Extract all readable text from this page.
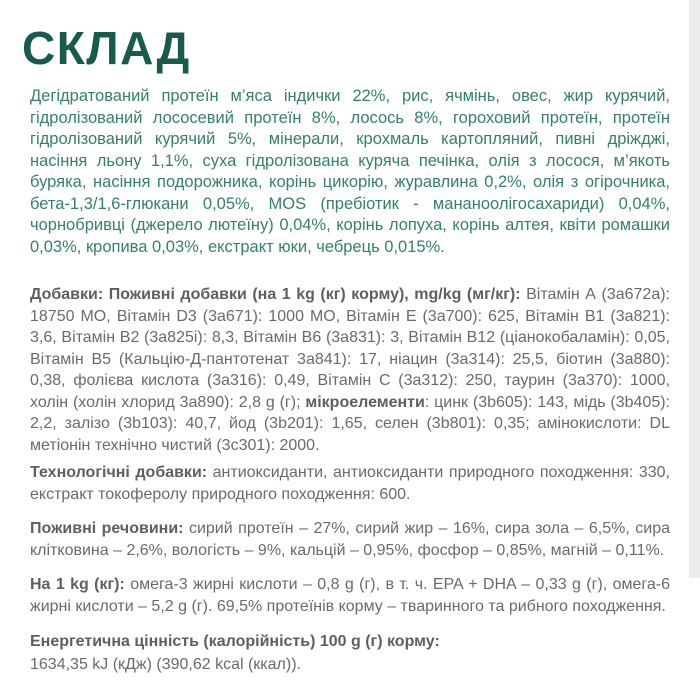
СКЛАД

Дегідратований протеїн м’яса індички 22%, рис, ячмінь, овес, жир курячий, гідролізований лососевий протеїн 8%, лосось 8%, гороховий протеїн, протеїн гідролізований курячий 5%, мінерали, крохмаль картопляний, пивні дріжджі, насіння льону 1,1%, суха гідролізована куряча печінка, олія з лосося, м’якоть буряка, насіння подорожника, корінь цикорію, журавлина 0,2%, олія з огірочника, бета-1,3/1,6-глюкани 0,05%, MOS (пребіотик - мананоолігосахариди) 0,04%, чорнобривці (джерело лютеїну) 0,04%, корінь лопуха, корінь алтея, квіти ромашки 0,03%, кропива 0,03%, екстракт юки, чебрець 0,015%.

Добавки: Поживні добавки (на 1 kg (кг) корму), mg/kg (мг/кг): Вітамін А (3a672a): 18750 МО, Вітамін D3 (3a671): 1000 МО, Вітамін Е (3a700): 625, Вітамін В1 (3a821): 3,6, Вітамін В2 (3a825i): 8,3, Вітамін В6 (3a831): 3, Вітамін В12 (ціанокобаламін): 0,05, Вітамін В5 (Кальцію-Д-пантотенат 3a841): 17, ніацин (3a314): 25,5, біотин (3a880): 0,38, фолієва кислота (3a316): 0,49, Вітамін С (3a312): 250, таурин (3a370): 1000, холін (холін хлорид 3a890): 2,8 g (г); мікроелементи: цинк (3b605): 143, мідь (3b405): 2,2, залізо (3b103): 40,7, йод (3b201): 1,65, селен (3b801): 0,35; амінокислоти: DL метіонін технічно чистий (3c301): 2000.

Технологічні добавки: антиоксиданти, антиоксиданти природного походження: 330, екстракт токоферолу природного походження: 600.

Поживні речовини: сирий протеїн – 27%, сирий жир – 16%, сира зола – 6,5%, сира клітковина – 2,6%, вологість – 9%, кальцій – 0,95%, фосфор – 0,85%, магній – 0,11%.

На 1 kg (кг): омега-3 жирні кислоти – 0,8 g (г), в т. ч. EPA + DHA – 0,33 g (г), омега-6 жирні кислоти – 5,2 g (г). 69,5% протеїнів корму – тваринного та рибного походження.

Енергетична цінність (калорійність) 100 g (г) корму:
1634,35 kJ (кДж) (390,62 kcal (ккал)).
